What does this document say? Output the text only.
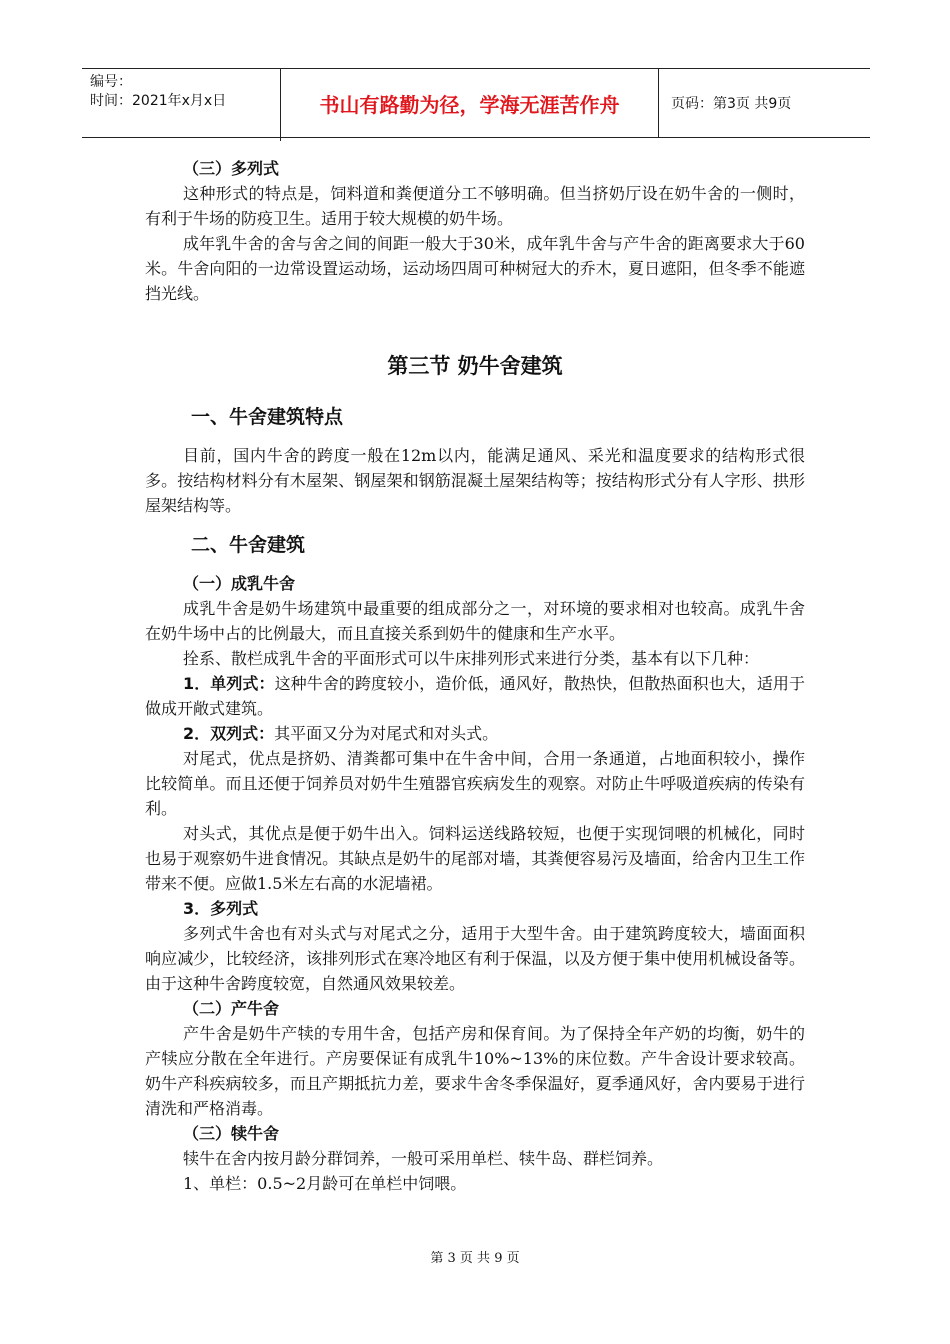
编号：
时间：2021年x月x日	书山有路勤为径，学海无涯苦作舟	页码：第3页 共9页

（三）多列式

这种形式的特点是，饲料道和粪便道分工不够明确。但当挤奶厅设在奶牛舍的一侧时，有利于牛场的防疫卫生。适用于较大规模的奶牛场。

成年乳牛舍的舍与舍之间的间距一般大于30米，成年乳牛舍与产牛舍的距离要求大于60米。牛舍向阳的一边常设置运动场，运动场四周可种树冠大的乔木，夏日遮阳，但冬季不能遮挡光线。

第三节 奶牛舍建筑
一、牛舍建筑特点

目前，国内牛舍的跨度一般在12m以内，能满足通风、采光和温度要求的结构形式很多。按结构材料分有木屋架、钢屋架和钢筋混凝土屋架结构等；按结构形式分有人字形、拱形屋架结构等。

二、牛舍建筑

（一）成乳牛舍

成乳牛舍是奶牛场建筑中最重要的组成部分之一，对环境的要求相对也较高。成乳牛舍在奶牛场中占的比例最大，而且直接关系到奶牛的健康和生产水平。

拴系、散栏成乳牛舍的平面形式可以牛床排列形式来进行分类，基本有以下几种：

1．单列式：这种牛舍的跨度较小，造价低，通风好，散热快，但散热面积也大，适用于做成开敞式建筑。

2．双列式：其平面又分为对尾式和对头式。

对尾式，优点是挤奶、清粪都可集中在牛舍中间，合用一条通道，占地面积较小，操作比较简单。而且还便于饲养员对奶牛生殖器官疾病发生的观察。对防止牛呼吸道疾病的传染有利。

对头式，其优点是便于奶牛出入。饲料运送线路较短，也便于实现饲喂的机械化，同时也易于观察奶牛进食情况。其缺点是奶牛的尾部对墙，其粪便容易污及墙面，给舍内卫生工作带来不便。应做1.5米左右高的水泥墙裙。

3．多列式

多列式牛舍也有对头式与对尾式之分，适用于大型牛舍。由于建筑跨度较大，墙面面积响应减少，比较经济，该排列形式在寒冷地区有利于保温，以及方便于集中使用机械设备等。由于这种牛舍跨度较宽，自然通风效果较差。

（二）产牛舍

产牛舍是奶牛产犊的专用牛舍，包括产房和保育间。为了保持全年产奶的均衡，奶牛的产犊应分散在全年进行。产房要保证有成乳牛10%~13%的床位数。产牛舍设计要求较高。奶牛产科疾病较多，而且产期抵抗力差，要求牛舍冬季保温好，夏季通风好，舍内要易于进行清洗和严格消毒。

（三）犊牛舍

犊牛在舍内按月龄分群饲养，一般可采用单栏、犊牛岛、群栏饲养。

1、单栏：0.5~2月龄可在单栏中饲喂。

第 3 页 共 9 页
